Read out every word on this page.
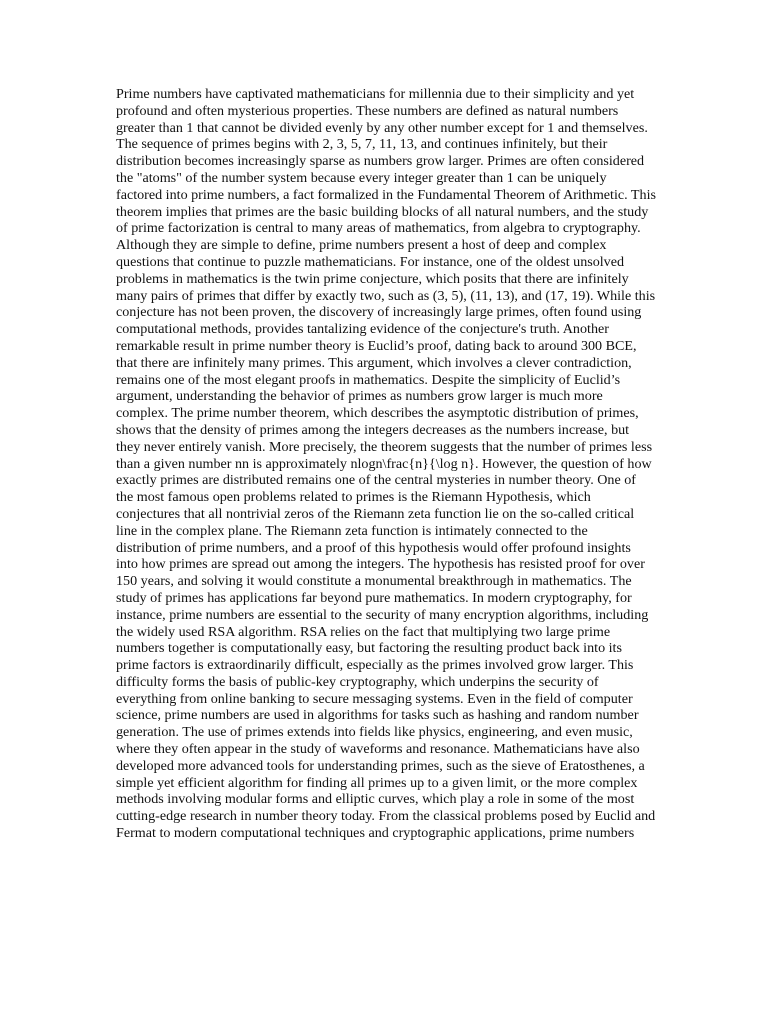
Prime numbers have captivated mathematicians for millennia due to their simplicity and yet profound and often mysterious properties. These numbers are defined as natural numbers greater than 1 that cannot be divided evenly by any other number except for 1 and themselves. The sequence of primes begins with 2, 3, 5, 7, 11, 13, and continues infinitely, but their distribution becomes increasingly sparse as numbers grow larger. Primes are often considered the "atoms" of the number system because every integer greater than 1 can be uniquely factored into prime numbers, a fact formalized in the Fundamental Theorem of Arithmetic. This theorem implies that primes are the basic building blocks of all natural numbers, and the study of prime factorization is central to many areas of mathematics, from algebra to cryptography. Although they are simple to define, prime numbers present a host of deep and complex questions that continue to puzzle mathematicians. For instance, one of the oldest unsolved problems in mathematics is the twin prime conjecture, which posits that there are infinitely many pairs of primes that differ by exactly two, such as (3, 5), (11, 13), and (17, 19). While this conjecture has not been proven, the discovery of increasingly large primes, often found using computational methods, provides tantalizing evidence of the conjecture's truth. Another remarkable result in prime number theory is Euclid’s proof, dating back to around 300 BCE, that there are infinitely many primes. This argument, which involves a clever contradiction, remains one of the most elegant proofs in mathematics. Despite the simplicity of Euclid’s argument, understanding the behavior of primes as numbers grow larger is much more complex. The prime number theorem, which describes the asymptotic distribution of primes, shows that the density of primes among the integers decreases as the numbers increase, but they never entirely vanish. More precisely, the theorem suggests that the number of primes less than a given number nn is approximately nlogn\frac{n}{\log n}. However, the question of how exactly primes are distributed remains one of the central mysteries in number theory. One of the most famous open problems related to primes is the Riemann Hypothesis, which conjectures that all nontrivial zeros of the Riemann zeta function lie on the so-called critical line in the complex plane. The Riemann zeta function is intimately connected to the distribution of prime numbers, and a proof of this hypothesis would offer profound insights into how primes are spread out among the integers. The hypothesis has resisted proof for over 150 years, and solving it would constitute a monumental breakthrough in mathematics. The study of primes has applications far beyond pure mathematics. In modern cryptography, for instance, prime numbers are essential to the security of many encryption algorithms, including the widely used RSA algorithm. RSA relies on the fact that multiplying two large prime numbers together is computationally easy, but factoring the resulting product back into its prime factors is extraordinarily difficult, especially as the primes involved grow larger. This difficulty forms the basis of public-key cryptography, which underpins the security of everything from online banking to secure messaging systems. Even in the field of computer science, prime numbers are used in algorithms for tasks such as hashing and random number generation. The use of primes extends into fields like physics, engineering, and even music, where they often appear in the study of waveforms and resonance. Mathematicians have also developed more advanced tools for understanding primes, such as the sieve of Eratosthenes, a simple yet efficient algorithm for finding all primes up to a given limit, or the more complex methods involving modular forms and elliptic curves, which play a role in some of the most cutting-edge research in number theory today. From the classical problems posed by Euclid and Fermat to modern computational techniques and cryptographic applications, prime numbers
